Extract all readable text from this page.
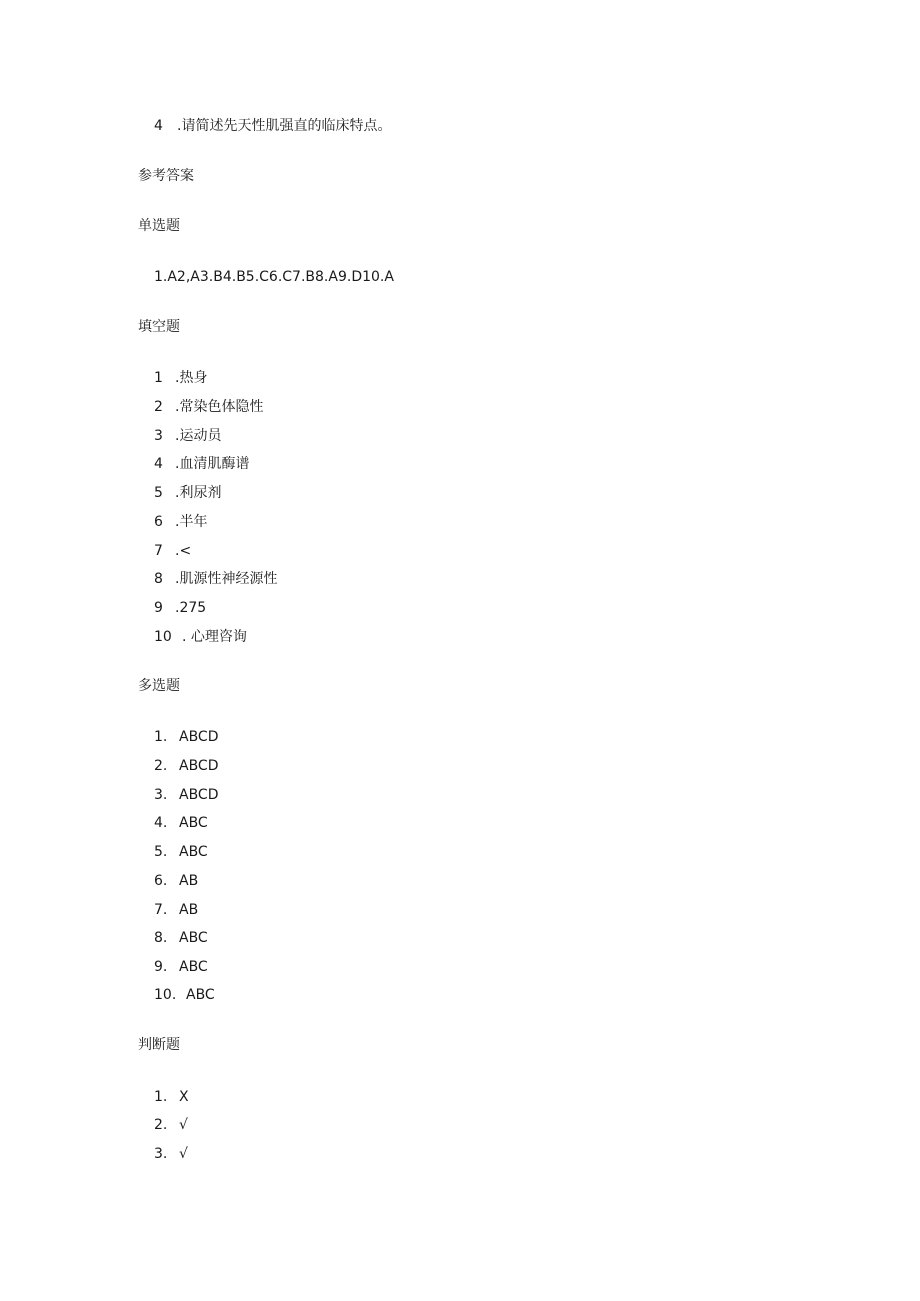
4 .请简述先天性肌强直的临床特点。
参考答案
单选题
1.A2,A3.B4.B5.C6.C7.B8.A9.D10.A
填空题
1 .热身
2 .常染色体隐性
3 .运动员
4 .血清肌酶谱
5 .利尿剂
6 .半年
7 .<
8 .肌源性神经源性
9 .275
10 . 心理咨询
多选题
1. ABCD
2. ABCD
3. ABCD
4. ABC
5. ABC
6. AB
7. AB
8. ABC
9. ABC
10. ABC
判断题
1. X
2. √
3. √
